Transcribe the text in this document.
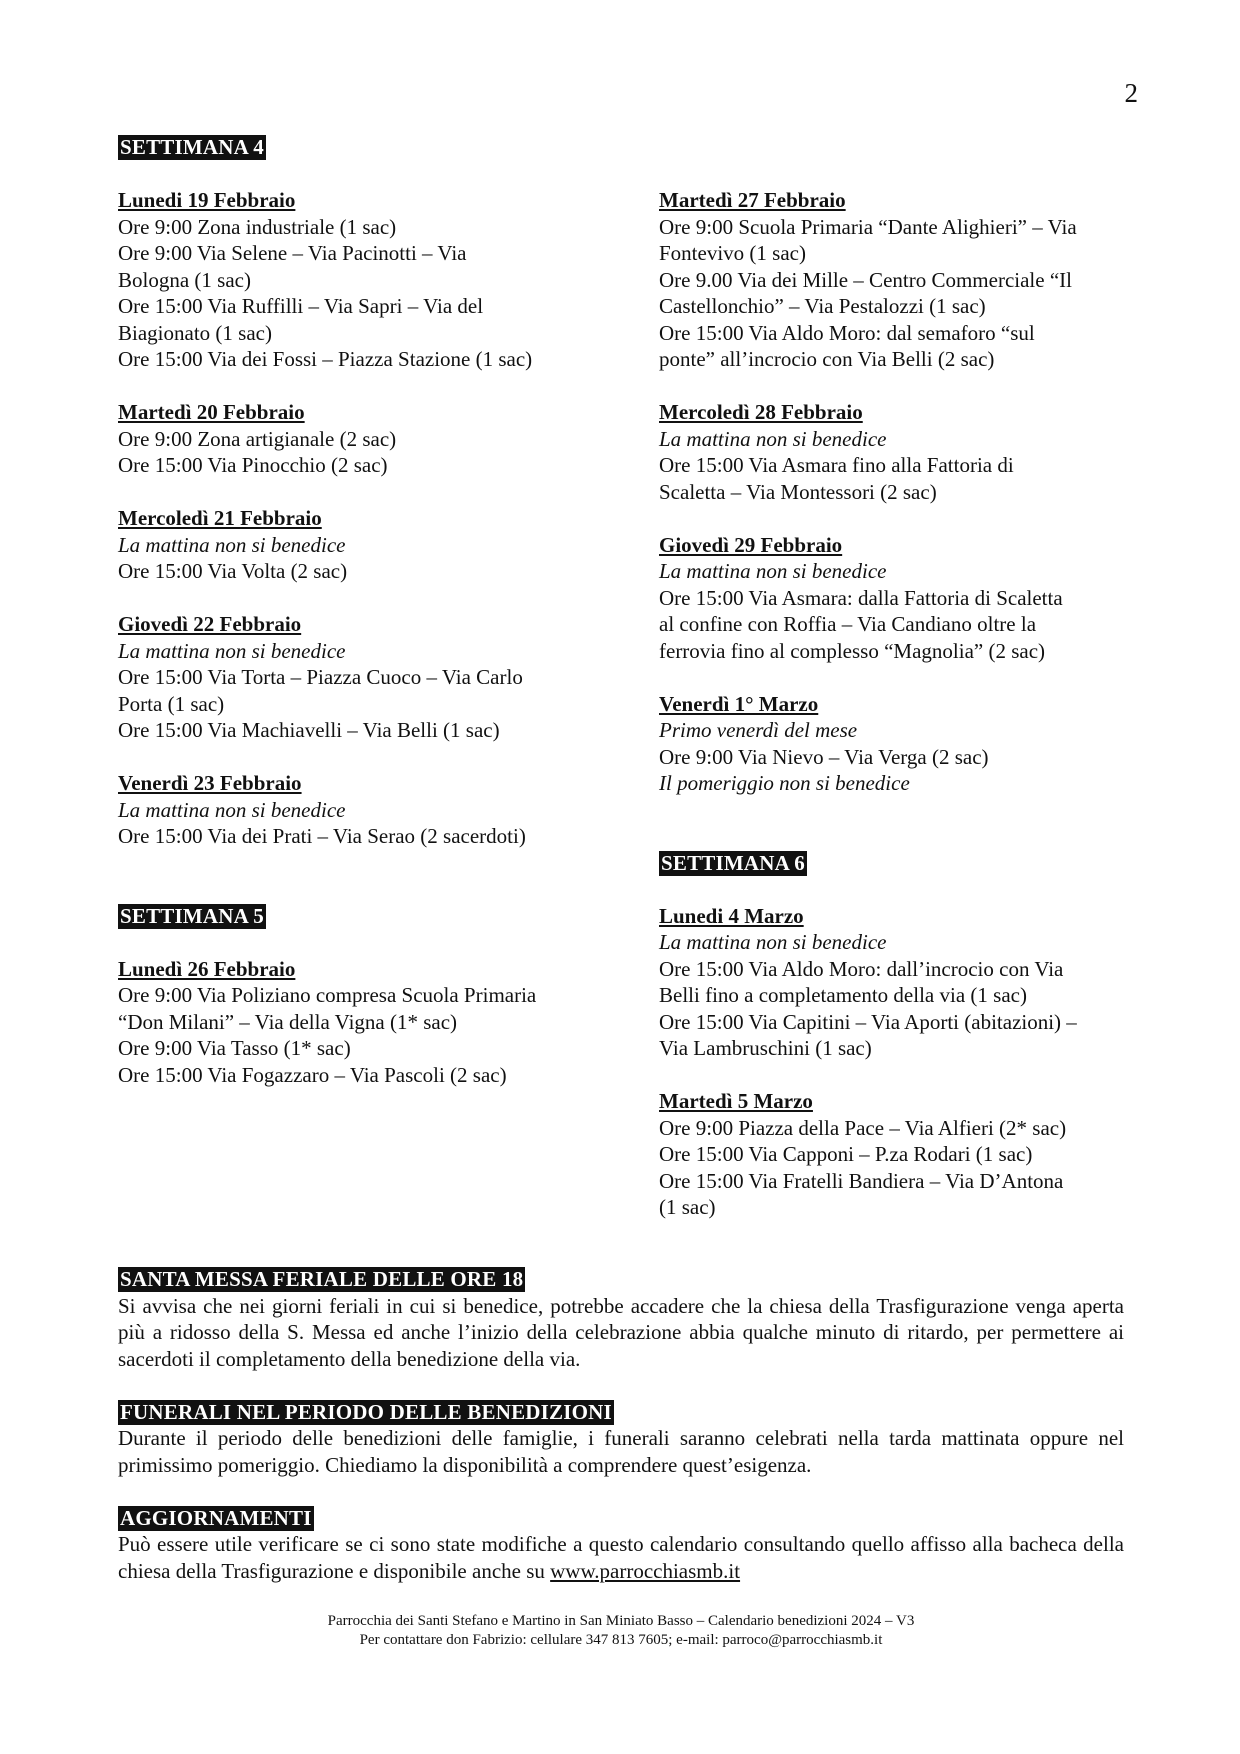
2
SETTIMANA 4
Lunedi 19 Febbraio
Ore 9:00 Zona industriale (1 sac)
Ore 9:00 Via Selene – Via Pacinotti – Via
Bologna (1 sac)
Ore 15:00 Via Ruffilli – Via Sapri – Via del
Biagionato (1 sac)
Ore 15:00 Via dei Fossi – Piazza Stazione (1 sac)
Martedì 20 Febbraio
Ore 9:00 Zona artigianale (2 sac)
Ore 15:00 Via Pinocchio (2 sac)
Mercoledì 21 Febbraio
La mattina non si benedice
Ore 15:00 Via Volta (2 sac)
Giovedì 22 Febbraio
La mattina non si benedice
Ore 15:00 Via Torta – Piazza Cuoco – Via Carlo
Porta (1 sac)
Ore 15:00 Via Machiavelli – Via Belli (1 sac)
Venerdì 23 Febbraio
La mattina non si benedice
Ore 15:00 Via dei Prati – Via Serao (2 sacerdoti)
SETTIMANA 5
Lunedì 26 Febbraio
Ore 9:00 Via Poliziano compresa Scuola Primaria
“Don Milani” – Via della Vigna (1* sac)
Ore 9:00 Via Tasso (1* sac)
Ore 15:00 Via Fogazzaro – Via Pascoli (2 sac)
Martedì 27 Febbraio
Ore 9:00 Scuola Primaria “Dante Alighieri” – Via
Fontevivo (1 sac)
Ore 9.00 Via dei Mille – Centro Commerciale “Il
Castellonchio” – Via Pestalozzi (1 sac)
Ore 15:00 Via Aldo Moro: dal semaforo “sul
ponte” all’incrocio con Via Belli (2 sac)
Mercoledì 28 Febbraio
La mattina non si benedice
Ore 15:00 Via Asmara fino alla Fattoria di
Scaletta – Via Montessori (2 sac)
Giovedì 29 Febbraio
La mattina non si benedice
Ore 15:00 Via Asmara: dalla Fattoria di Scaletta
al confine con Roffia – Via Candiano oltre la
ferrovia fino al complesso “Magnolia” (2 sac)
Venerdì 1° Marzo
Primo venerdì del mese
Ore 9:00 Via Nievo – Via Verga (2 sac)
Il pomeriggio non si benedice
SETTIMANA 6
Lunedi 4 Marzo
La mattina non si benedice
Ore 15:00 Via Aldo Moro: dall’incrocio con Via
Belli fino a completamento della via (1 sac)
Ore 15:00 Via Capitini – Via Aporti (abitazioni) –
Via Lambruschini (1 sac)
Martedì 5 Marzo
Ore 9:00 Piazza della Pace – Via Alfieri (2* sac)
Ore 15:00 Via Capponi – P.za Rodari (1 sac)
Ore 15:00 Via Fratelli Bandiera – Via D’Antona
(1 sac)
SANTA MESSA FERIALE DELLE ORE 18
Si avvisa che nei giorni feriali in cui si benedice, potrebbe accadere che la chiesa della Trasfigurazione venga aperta più a ridosso della S. Messa ed anche l’inizio della celebrazione abbia qualche minuto di ritardo, per permettere ai sacerdoti il completamento della benedizione della via.
FUNERALI NEL PERIODO DELLE BENEDIZIONI
Durante il periodo delle benedizioni delle famiglie, i funerali saranno celebrati nella tarda mattinata oppure nel primissimo pomeriggio. Chiediamo la disponibilità a comprendere quest’esigenza.
AGGIORNAMENTI
Può essere utile verificare se ci sono state modifiche a questo calendario consultando quello affisso alla bacheca della chiesa della Trasfigurazione e disponibile anche su www.parrocchiasmb.it
Parrocchia dei Santi Stefano e Martino in San Miniato Basso – Calendario benedizioni 2024 – V3
Per contattare don Fabrizio: cellulare 347 813 7605; e-mail: parroco@parrocchiasmb.it
